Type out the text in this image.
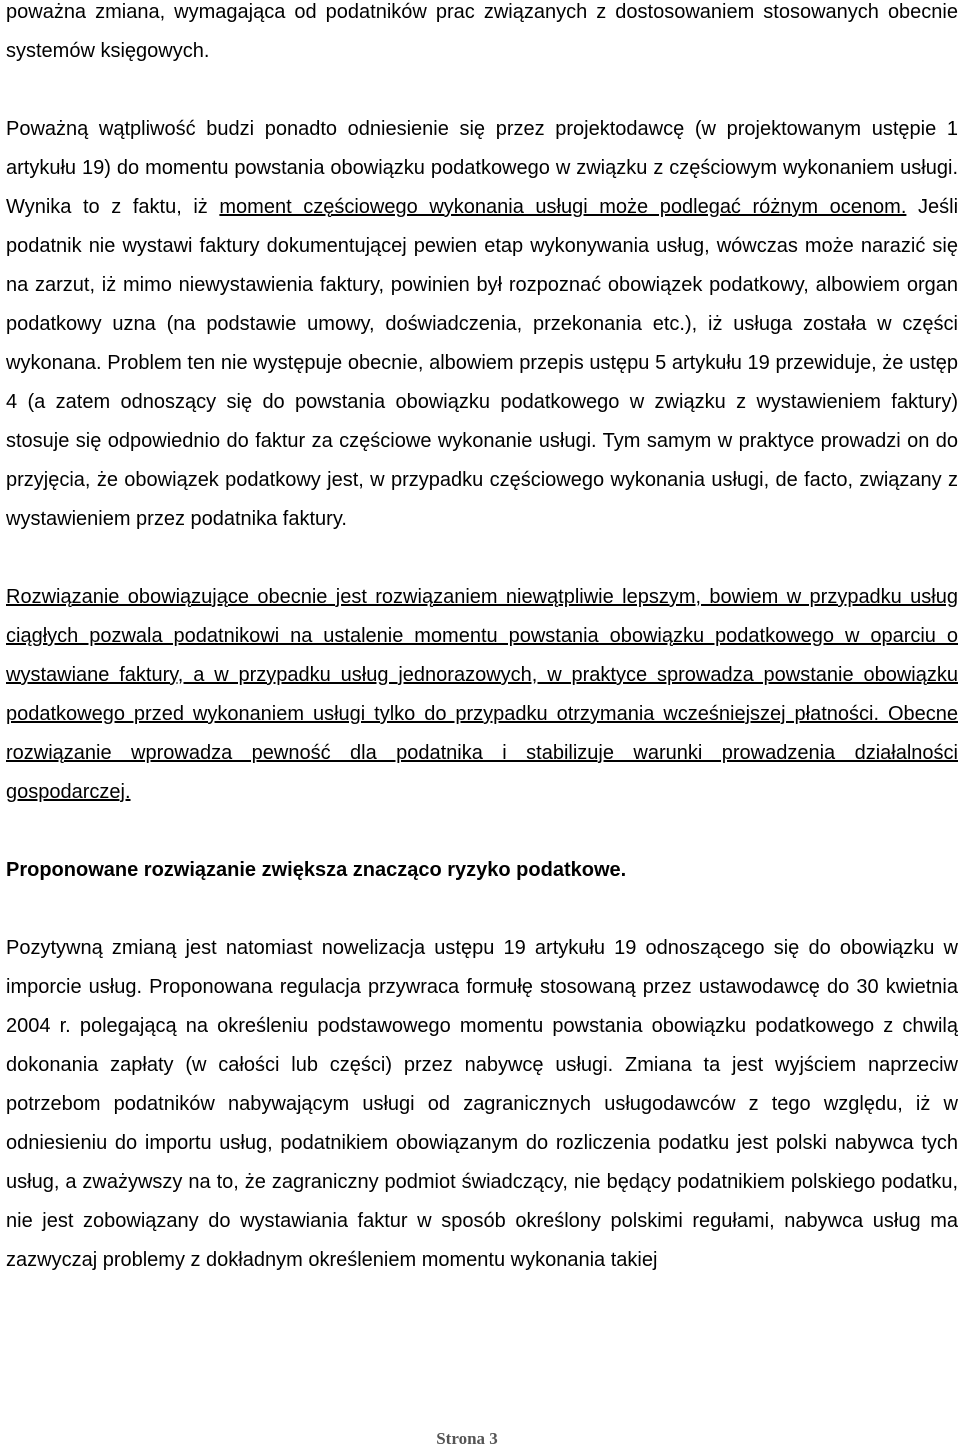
poważna zmiana, wymagająca od podatników prac związanych z dostosowaniem stosowanych obecnie systemów księgowych.

Poważną wątpliwość budzi ponadto odniesienie się przez projektodawcę (w projektowanym ustępie 1 artykułu 19) do momentu powstania obowiązku podatkowego w związku z częściowym wykonaniem usługi. Wynika to z faktu, iż moment częściowego wykonania usługi może podlegać różnym ocenom. Jeśli podatnik nie wystawi faktury dokumentującej pewien etap wykonywania usług, wówczas może narazić się na zarzut, iż mimo niewystawienia faktury, powinien był rozpoznać obowiązek podatkowy, albowiem organ podatkowy uzna (na podstawie umowy, doświadczenia, przekonania etc.), iż usługa została w części wykonana. Problem ten nie występuje obecnie, albowiem przepis ustępu 5 artykułu 19 przewiduje, że ustęp 4 (a zatem odnoszący się do powstania obowiązku podatkowego w związku z wystawieniem faktury) stosuje się odpowiednio do faktur za częściowe wykonanie usługi. Tym samym w praktyce prowadzi on do przyjęcia, że obowiązek podatkowy jest, w przypadku częściowego wykonania usługi, de facto, związany z wystawieniem przez podatnika faktury.

Rozwiązanie obowiązujące obecnie jest rozwiązaniem niewątpliwie lepszym, bowiem w przypadku usług ciągłych pozwala podatnikowi na ustalenie momentu powstania obowiązku podatkowego w oparciu o wystawiane faktury, a w przypadku usług jednorazowych, w praktyce sprowadza powstanie obowiązku podatkowego przed wykonaniem usługi tylko do przypadku otrzymania wcześniejszej płatności. Obecne rozwiązanie wprowadza pewność dla podatnika i stabilizuje warunki prowadzenia działalności gospodarczej.

Proponowane rozwiązanie zwiększa znacząco ryzyko podatkowe.

Pozytywną zmianą jest natomiast nowelizacja ustępu 19 artykułu 19 odnoszącego się do obowiązku w imporcie usług. Proponowana regulacja przywraca formułę stosowaną przez ustawodawcę do 30 kwietnia 2004 r. polegającą na określeniu podstawowego momentu powstania obowiązku podatkowego z chwilą dokonania zapłaty (w całości lub części) przez nabywcę usługi. Zmiana ta jest wyjściem naprzeciw potrzebom podatników nabywającym usługi od zagranicznych usługodawców z tego względu, iż w odniesieniu do importu usług, podatnikiem obowiązanym do rozliczenia podatku jest polski nabywca tych usług, a zważywszy na to, że zagraniczny podmiot świadczący, nie będący podatnikiem polskiego podatku, nie jest zobowiązany do wystawiania faktur w sposób określony polskimi regułami, nabywca usług ma zazwyczaj problemy z dokładnym określeniem momentu wykonania takiej

Strona 3
